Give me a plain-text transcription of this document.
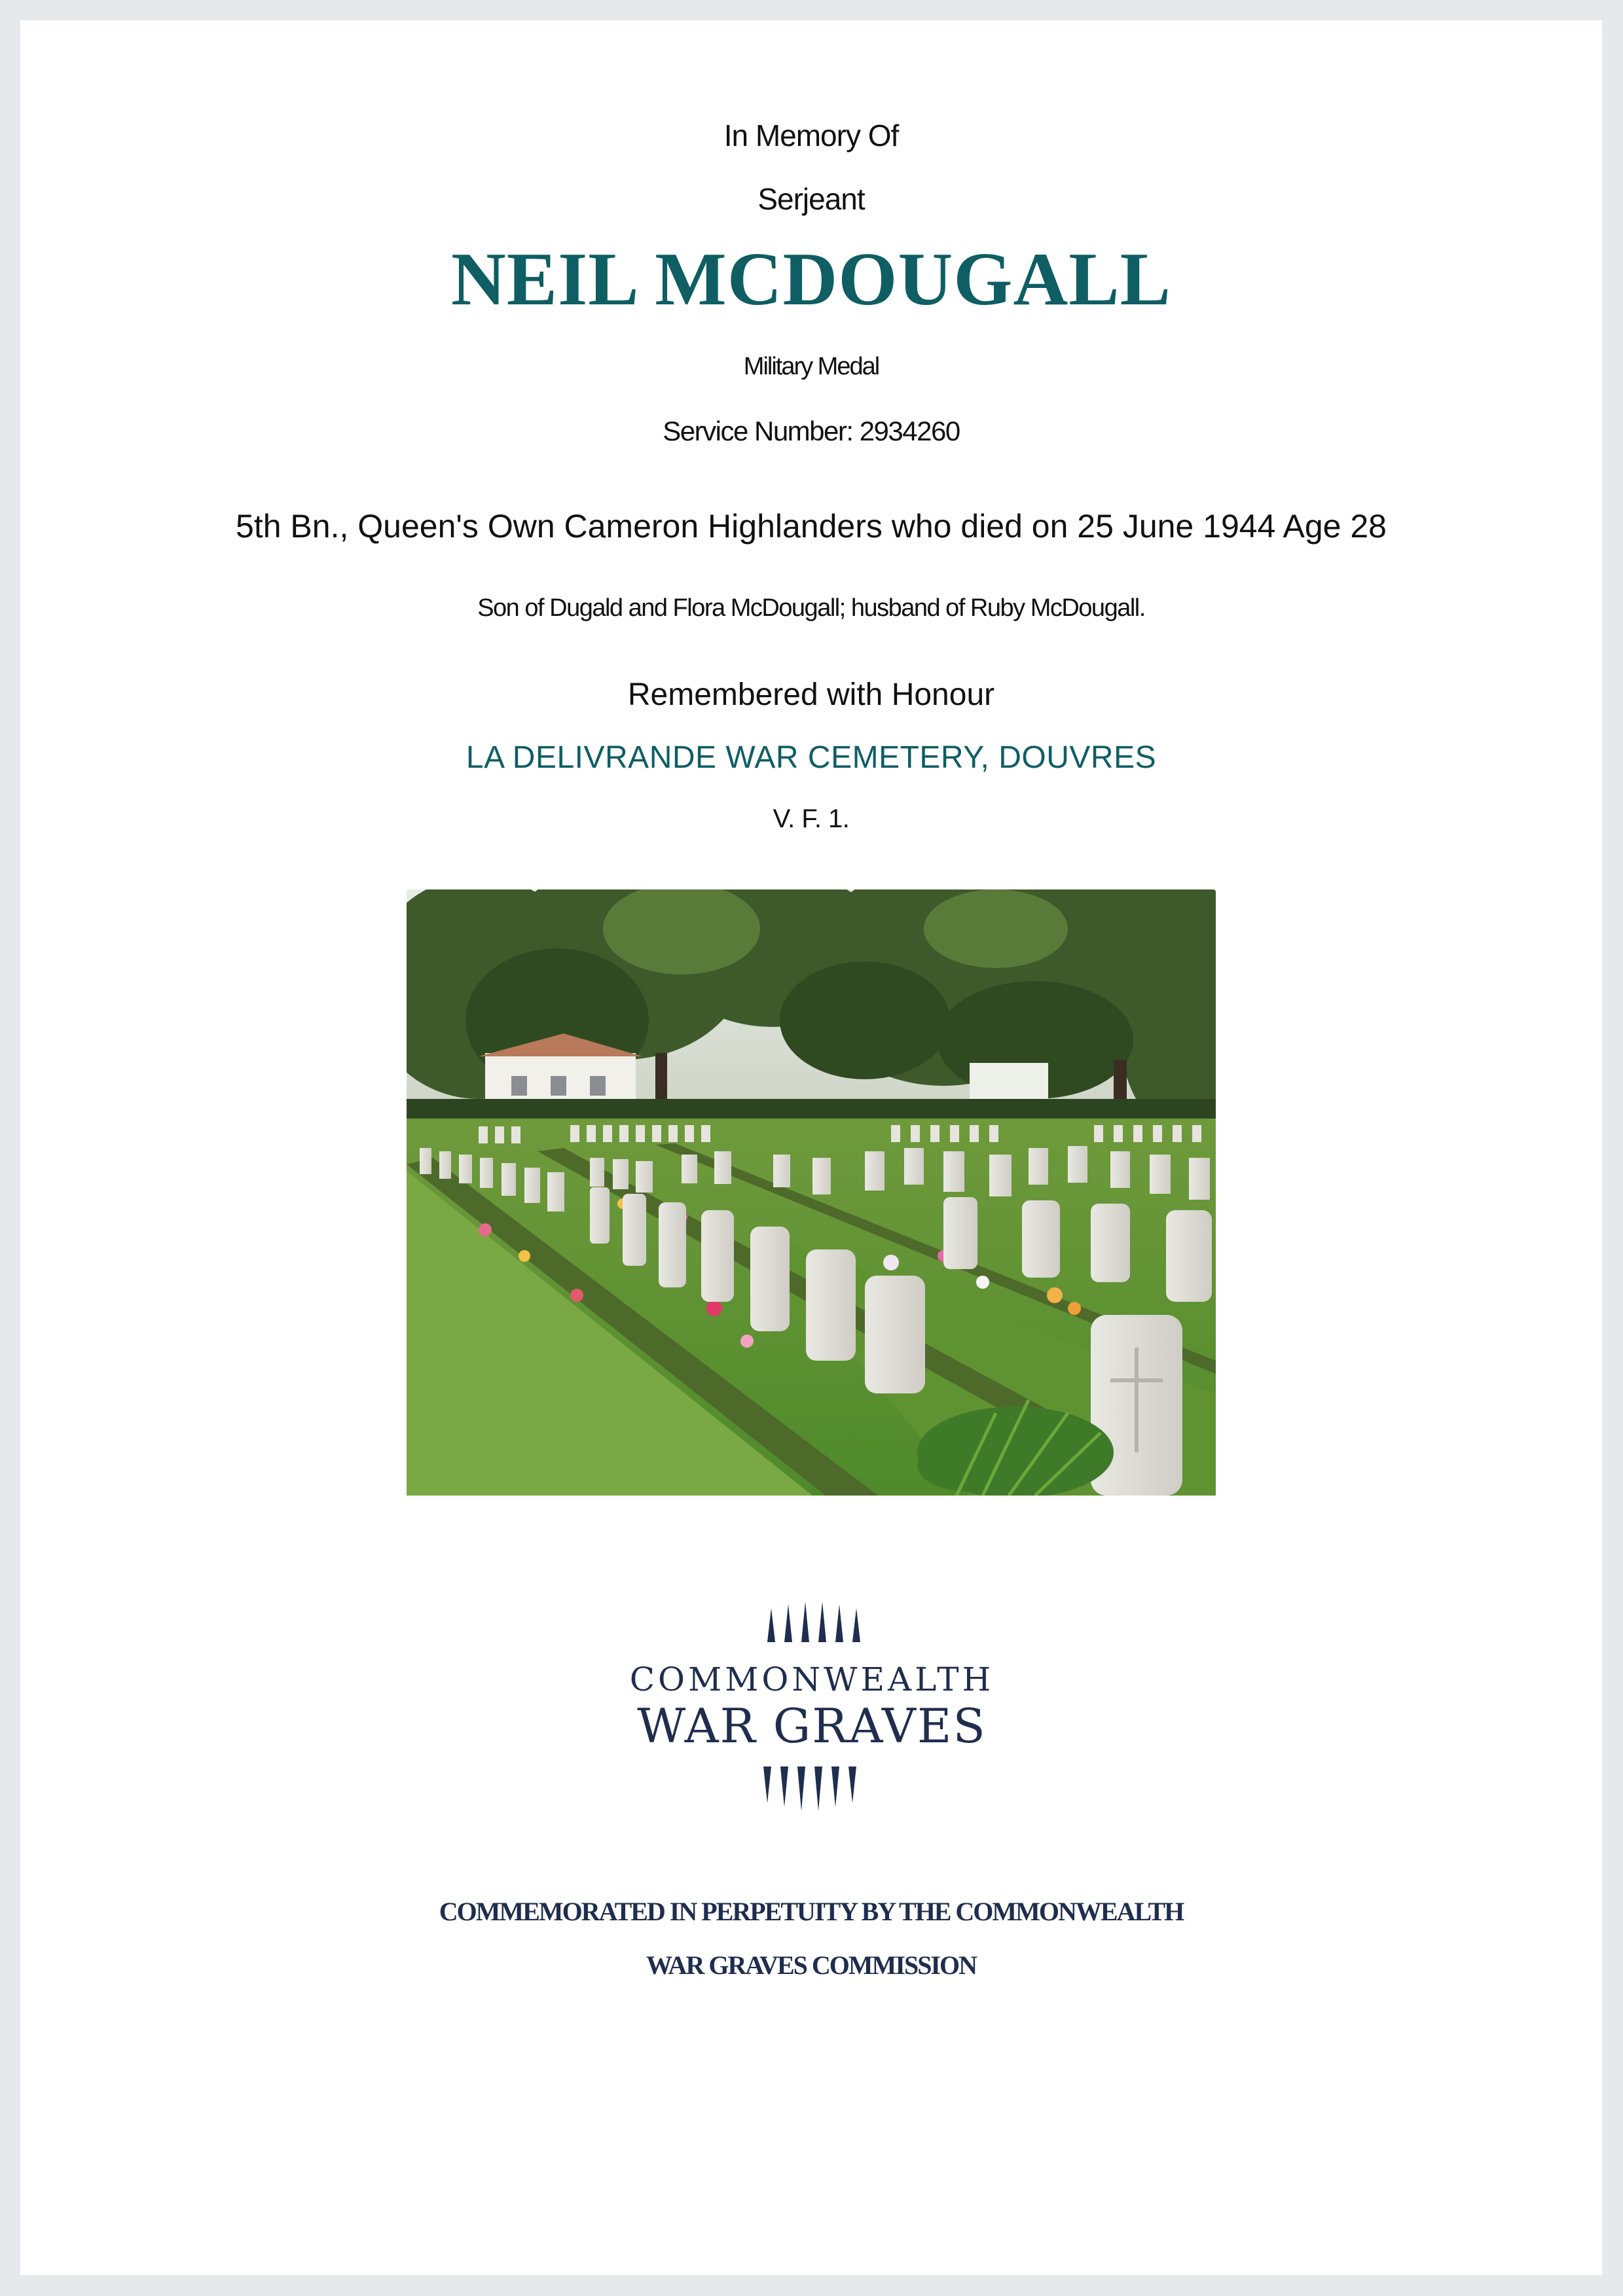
In Memory Of
Serjeant
NEIL MCDOUGALL
Military Medal
Service Number: 2934260
5th Bn., Queen's Own Cameron Highlanders who died on 25 June 1944 Age 28
Son of Dugald and Flora McDougall; husband of Ruby McDougall.
Remembered with Honour
LA DELIVRANDE WAR CEMETERY, DOUVRES
V. F. 1.
COMMONWEALTH
WAR GRAVES
COMMEMORATED IN PERPETUITY BY THE COMMONWEALTH
WAR GRAVES COMMISSION
